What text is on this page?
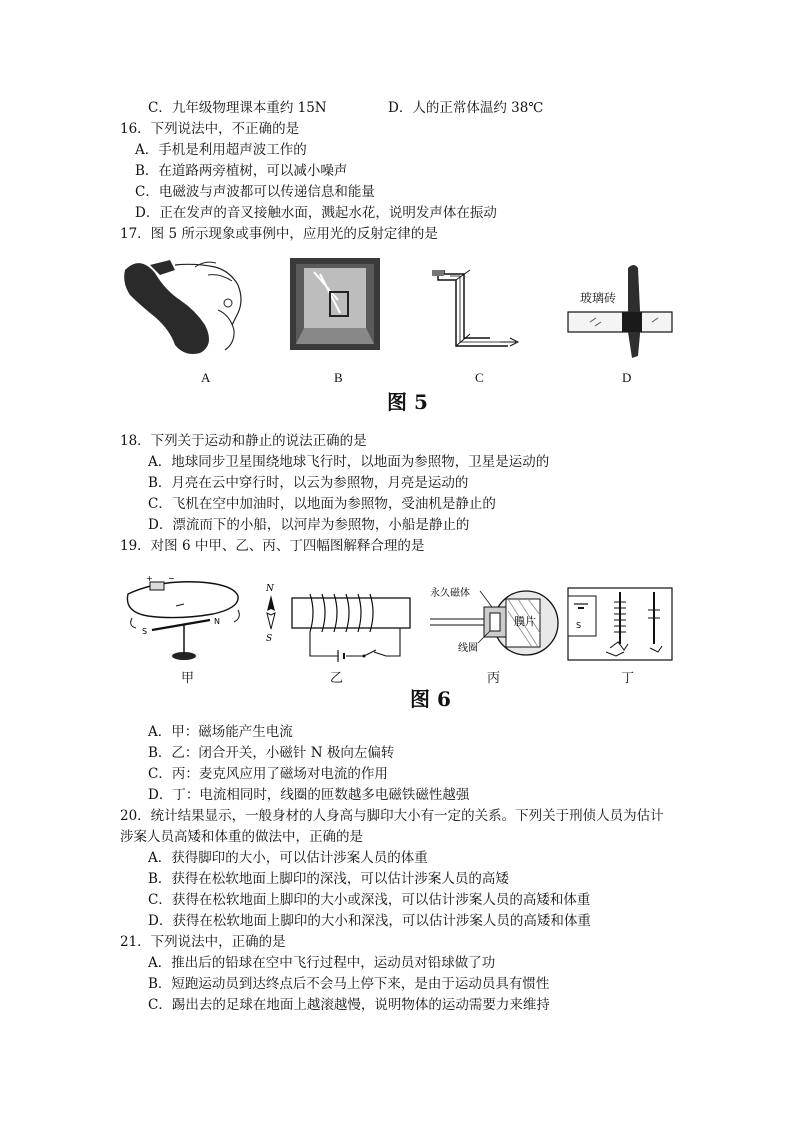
C．九年级物理课本重约 15N	D．人的正常体温约 38℃
16．下列说法中，不正确的是
A．手机是利用超声波工作的
B．在道路两旁植树，可以减小噪声
C．电磁波与声波都可以传递信息和能量
D．正在发声的音叉接触水面，溅起水花，说明发声体在振动
17．图 5 所示现象或事例中，应用光的反射定律的是
玻璃砖
A	B	C	D
图 5
18．下列关于运动和静止的说法正确的是
A．地球同步卫星围绕地球飞行时，以地面为参照物，卫星是运动的
B．月亮在云中穿行时，以云为参照物，月亮是运动的
C．飞机在空中加油时，以地面为参照物，受油机是静止的
D．漂流而下的小船，以河岸为参照物，小船是静止的
19．对图 6 中甲、乙、丙、丁四幅图解释合理的是
+ −
S
N
N
S
永久磁体
膜片
线圈
S
甲	乙	丙	丁
图 6
A．甲：磁场能产生电流
B．乙：闭合开关，小磁针 N 极向左偏转
C．丙：麦克风应用了磁场对电流的作用
D．丁：电流相同时，线圈的匝数越多电磁铁磁性越强
20．统计结果显示，一般身材的人身高与脚印大小有一定的关系。下列关于刑侦人员为估计
涉案人员高矮和体重的做法中，正确的是
A．获得脚印的大小，可以估计涉案人员的体重
B．获得在松软地面上脚印的深浅，可以估计涉案人员的高矮
C．获得在松软地面上脚印的大小或深浅，可以估计涉案人员的高矮和体重
D．获得在松软地面上脚印的大小和深浅，可以估计涉案人员的高矮和体重
21．下列说法中，正确的是
A．推出后的铅球在空中飞行过程中，运动员对铅球做了功
B．短跑运动员到达终点后不会马上停下来，是由于运动员具有惯性
C．踢出去的足球在地面上越滚越慢，说明物体的运动需要力来维持
